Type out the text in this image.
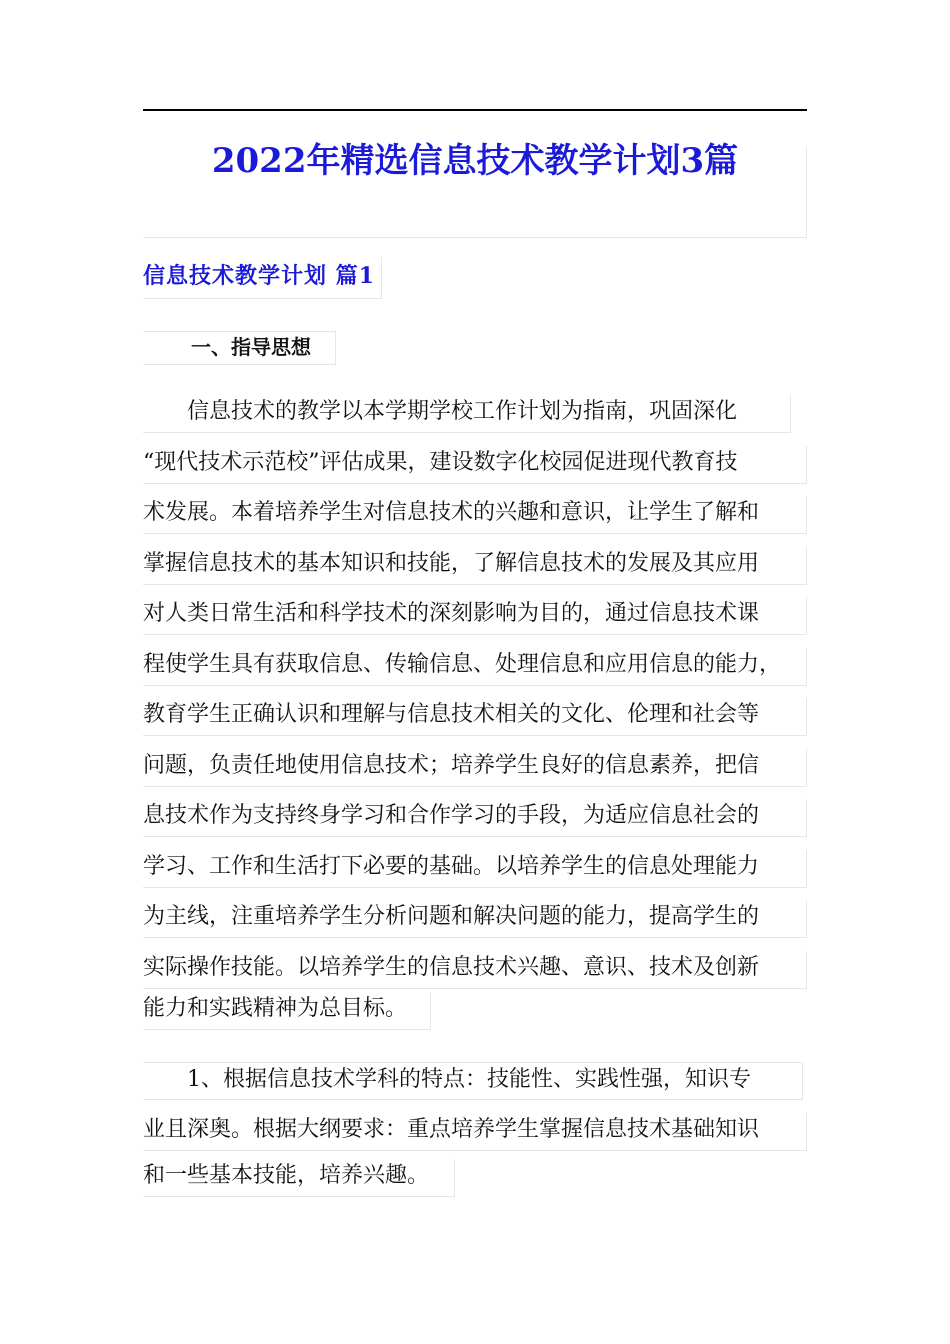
2022年精选信息技术教学计划3篇
信息技术教学计划 篇1
一、指导思想
　　信息技术的教学以本学期学校工作计划为指南，巩固深化
“现代技术示范校”评估成果，建设数字化校园促进现代教育技
术发展。本着培养学生对信息技术的兴趣和意识，让学生了解和
掌握信息技术的基本知识和技能，了解信息技术的发展及其应用
对人类日常生活和科学技术的深刻影响为目的，通过信息技术课
程使学生具有获取信息、传输信息、处理信息和应用信息的能力，
教育学生正确认识和理解与信息技术相关的文化、伦理和社会等
问题，负责任地使用信息技术；培养学生良好的信息素养，把信
息技术作为支持终身学习和合作学习的手段，为适应信息社会的
学习、工作和生活打下必要的基础。以培养学生的信息处理能力
为主线，注重培养学生分析问题和解决问题的能力，提高学生的
实际操作技能。以培养学生的信息技术兴趣、意识、技术及创新
能力和实践精神为总目标。
　　1、根据信息技术学科的特点：技能性、实践性强，知识专
业且深奥。根据大纲要求：重点培养学生掌握信息技术基础知识
和一些基本技能，培养兴趣。
